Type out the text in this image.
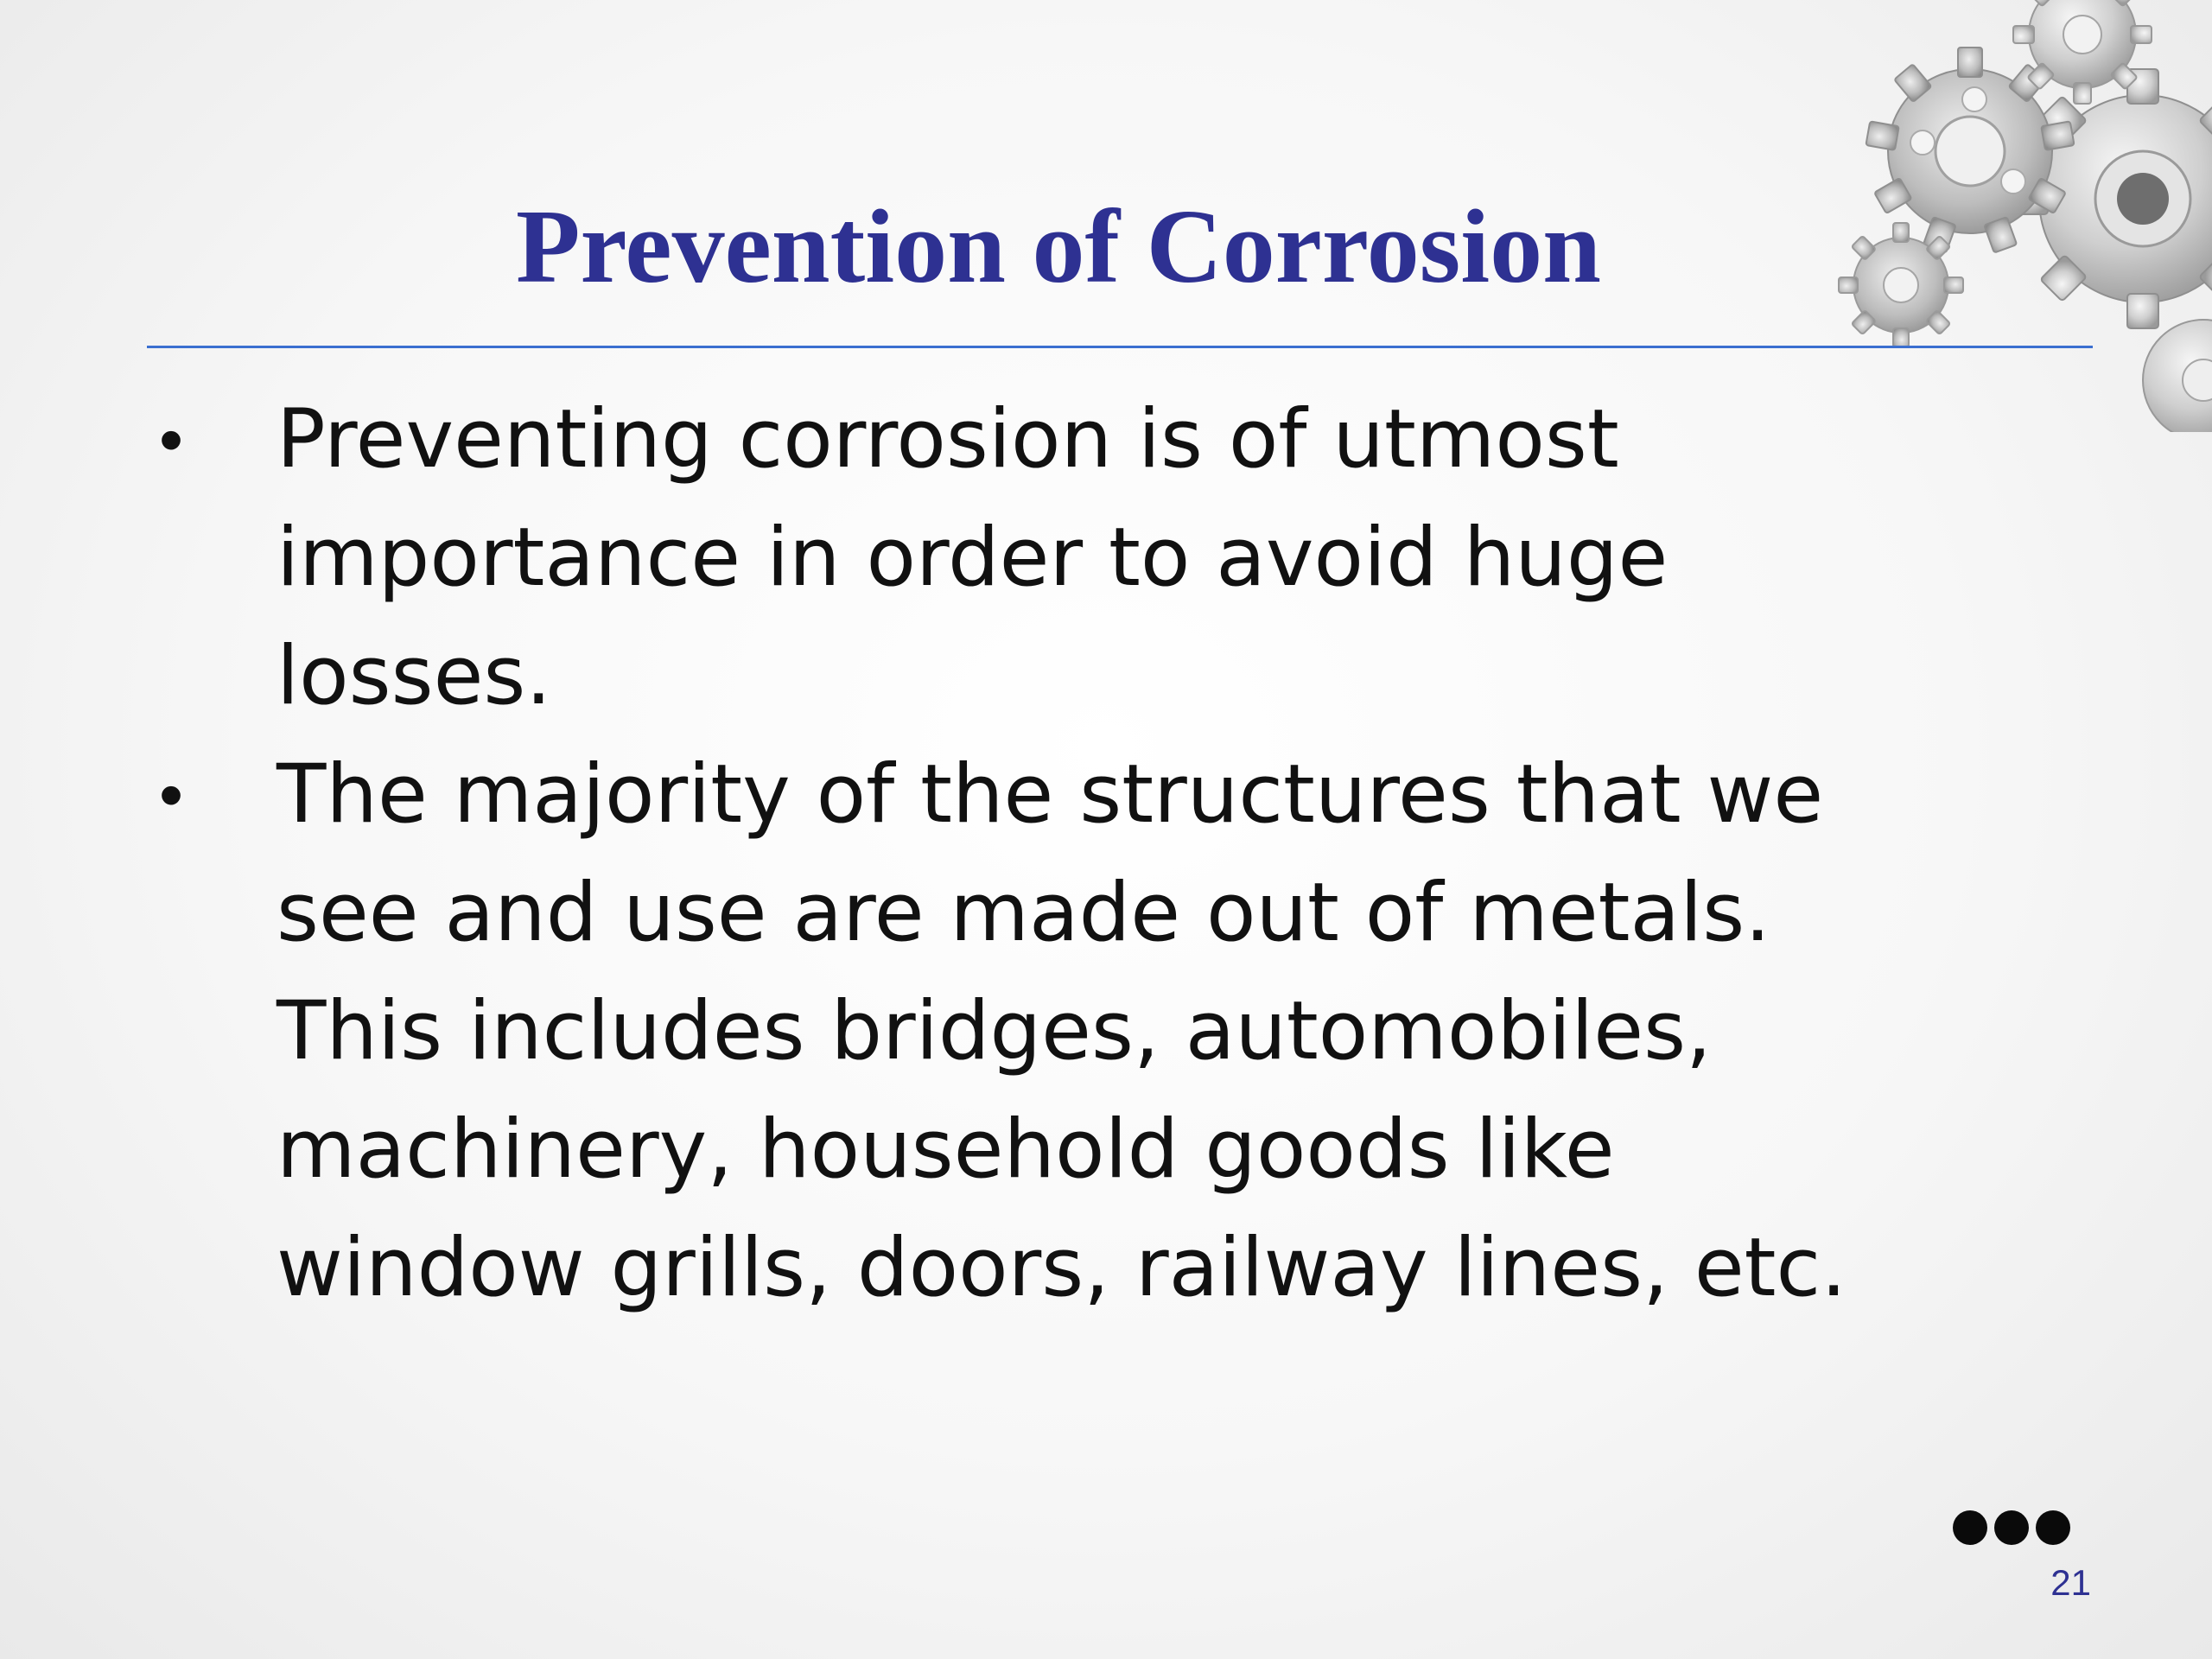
Prevention of Corrosion
• Preventing corrosion is of utmost
importance in order to avoid huge
losses.
• The majority of the structures that we
see and use are made out of metals.
This includes bridges, automobiles,
machinery, household goods like
window grills, doors, railway lines, etc.
21
